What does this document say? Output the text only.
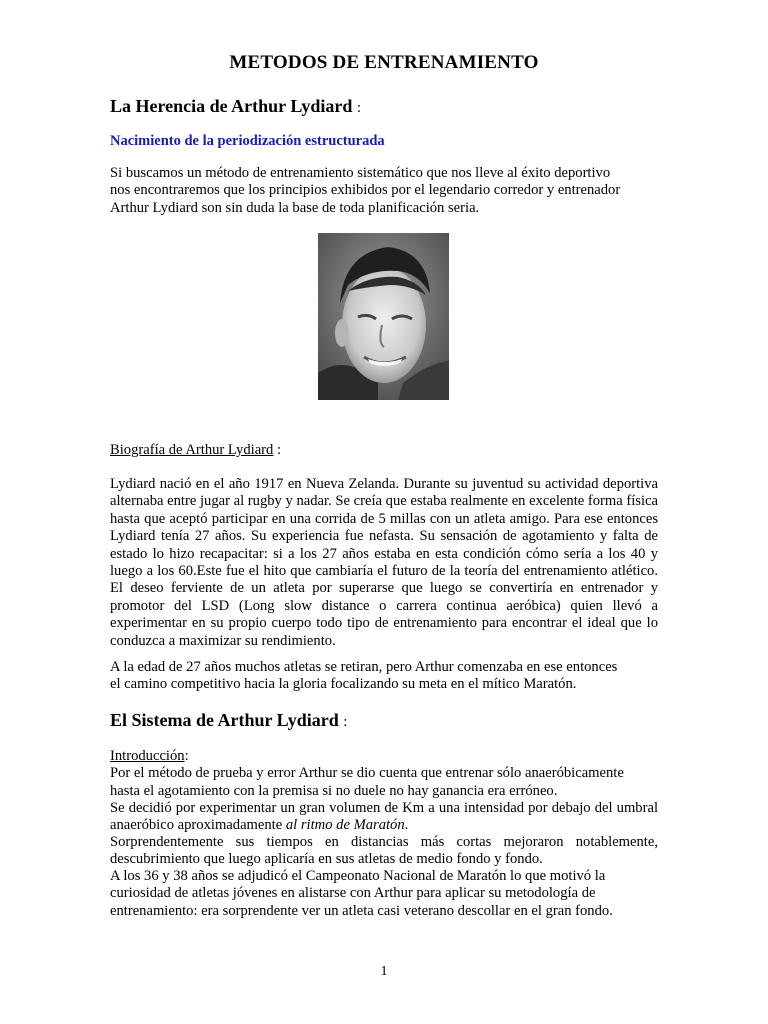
METODOS DE ENTRENAMIENTO
La Herencia de Arthur Lydiard :
Nacimiento de la periodización estructurada
Si buscamos un método de entrenamiento sistemático que nos lleve al éxito deportivo
nos encontraremos que los principios exhibidos por el legendario corredor y entrenador
Arthur Lydiard son sin duda la base de toda planificación seria.
Biografía de Arthur Lydiard :

Lydiard nació en el año 1917 en Nueva Zelanda. Durante su juventud su actividad deportiva alternaba entre jugar al rugby y nadar. Se creía que estaba realmente en excelente forma física hasta que aceptó participar en una corrida de 5 millas con un atleta amigo. Para ese entonces Lydiard tenía 27 años. Su experiencia fue nefasta. Su sensación de agotamiento y falta de estado lo hizo recapacitar: si a los 27 años estaba en esta condición cómo sería a los 40 y luego a los 60.Este fue el hito que cambiaría el futuro de la teoría del entrenamiento atlético. El deseo ferviente de un atleta por superarse que luego se convertiría en entrenador y promotor del LSD (Long slow distance o carrera continua aeróbica) quien llevó a experimentar en su propio cuerpo todo tipo de entrenamiento para encontrar el ideal que lo conduzca a maximizar su rendimiento.

A la edad de 27 años muchos atletas se retiran, pero Arthur comenzaba en ese entonces
el camino competitivo hacia la gloria focalizando su meta en el mítico Maratón.
El Sistema de Arthur Lydiard :
Introducción:
Por el método de prueba y error Arthur se dio cuenta que entrenar sólo anaeróbicamente
hasta el agotamiento con la premisa si no duele no hay ganancia era erróneo.

Se decidió por experimentar un gran volumen de Km a una intensidad por debajo del umbral anaeróbico aproximadamente al ritmo de Maratón.

Sorprendentemente sus tiempos en distancias más cortas mejoraron notablemente, descubrimiento que luego aplicaría en sus atletas de medio fondo y fondo.

A los 36 y 38 años se adjudicó el Campeonato Nacional de Maratón lo que motivó la
curiosidad de atletas jóvenes en alistarse con Arthur para aplicar su metodología de
entrenamiento: era sorprendente ver un atleta casi veterano descollar en el gran fondo.
1
